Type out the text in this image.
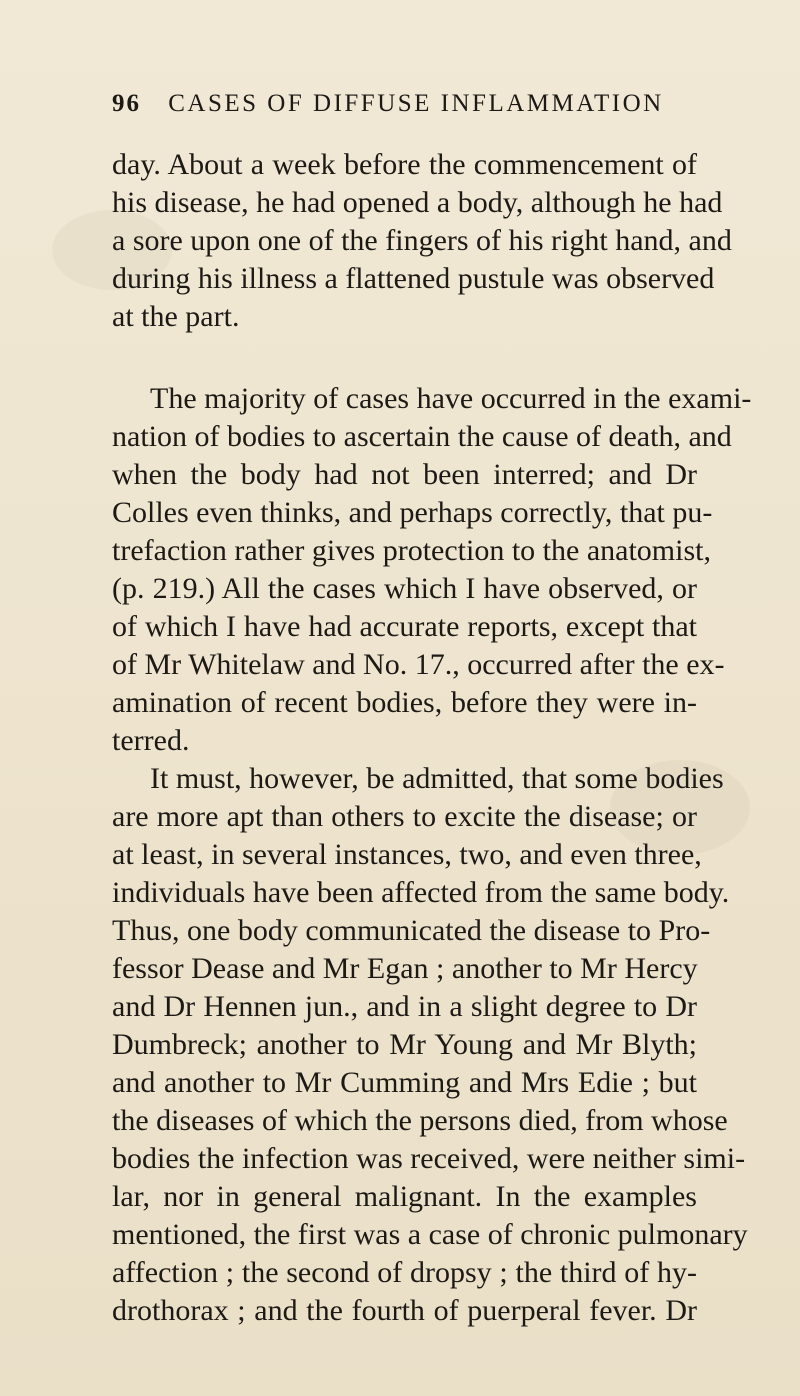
96 CASES OF DIFFUSE INFLAMMATION
day. About a week before the commencement of
his disease, he had opened a body, although he had
a sore upon one of the fingers of his right hand, and
during his illness a flattened pustule was observed
at the part.
The majority of cases have occurred in the exami-
nation of bodies to ascertain the cause of death, and
when the body had not been interred; and Dr
Colles even thinks, and perhaps correctly, that pu-
trefaction rather gives protection to the anatomist,
(p. 219.) All the cases which I have observed, or
of which I have had accurate reports, except that
of Mr Whitelaw and No. 17., occurred after the ex-
amination of recent bodies, before they were in-
terred.
It must, however, be admitted, that some bodies
are more apt than others to excite the disease; or
at least, in several instances, two, and even three,
individuals have been affected from the same body.
Thus, one body communicated the disease to Pro-
fessor Dease and Mr Egan ; another to Mr Hercy
and Dr Hennen jun., and in a slight degree to Dr
Dumbreck; another to Mr Young and Mr Blyth;
and another to Mr Cumming and Mrs Edie ; but
the diseases of which the persons died, from whose
bodies the infection was received, were neither simi-
lar, nor in general malignant. In the examples
mentioned, the first was a case of chronic pulmonary
affection ; the second of dropsy ; the third of hy-
drothorax ; and the fourth of puerperal fever. Dr
